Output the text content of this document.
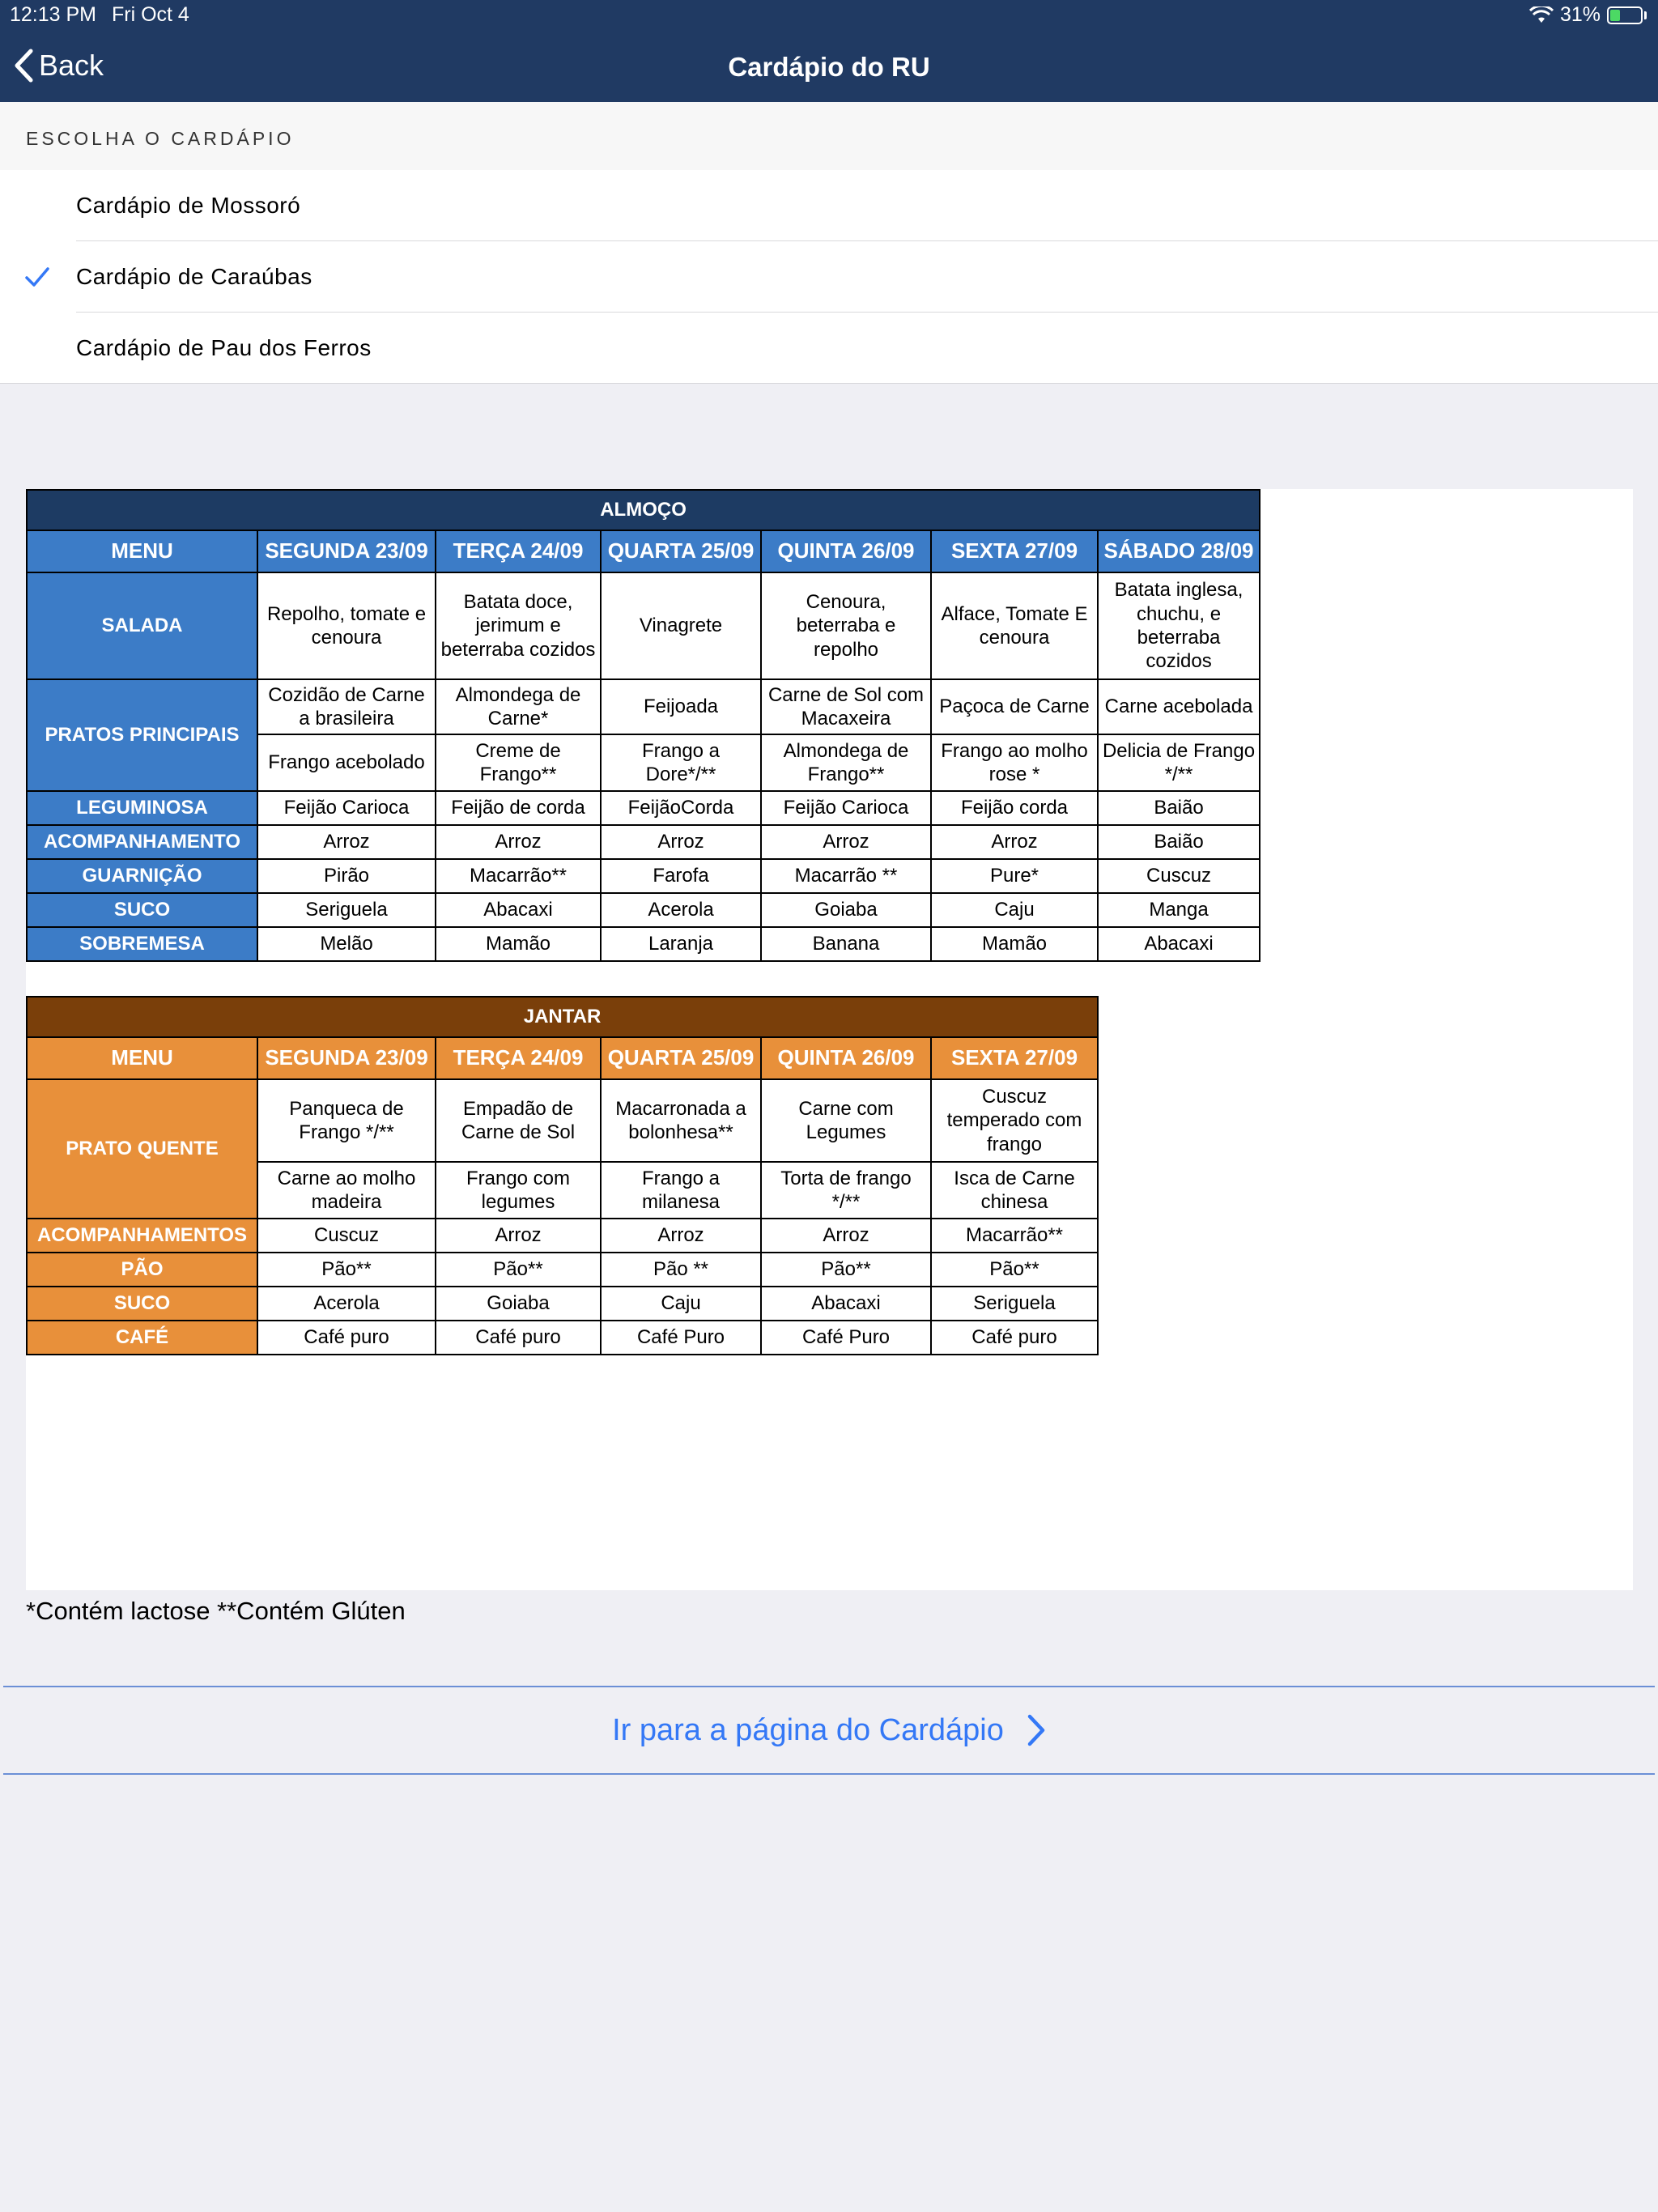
12:13 PM Fri Oct 4	31%
Back	Cardápio do RU
ESCOLHA O CARDÁPIO
Cardápio de Mossoró
Cardápio de Caraúbas
Cardápio de Pau dos Ferros
ALMOÇO						
MENU	SEGUNDA 23/09	TERÇA 24/09	QUARTA 25/09	QUINTA 26/09	SEXTA 27/09	SÁBADO 28/09
SALADA	Repolho, tomate e cenoura	Batata doce, jerimum e beterraba cozidos	Vinagrete	Cenoura, beterraba e repolho	Alface, Tomate E cenoura	Batata inglesa, chuchu, e beterraba cozidos
PRATOS PRINCIPAIS	Cozidão de Carne a brasileira	Almondega de Carne*	Feijoada	Carne de Sol com Macaxeira	Paçoca de Carne	Carne acebolada
	Frango acebolado	Creme de Frango**	Frango a Dore*/**	Almondega de Frango**	Frango ao molho rose *	Delicia de Frango */**
LEGUMINOSA	Feijão Carioca	Feijão de corda	FeijãoCorda	Feijão Carioca	Feijão corda	Baião
ACOMPANHAMENTO	Arroz	Arroz	Arroz	Arroz	Arroz	Baião
GUARNIÇÃO	Pirão	Macarrão**	Farofa	Macarrão **	Pure*	Cuscuz
SUCO	Seriguela	Abacaxi	Acerola	Goiaba	Caju	Manga
SOBREMESA	Melão	Mamão	Laranja	Banana	Mamão	Abacaxi
JANTAR					
MENU	SEGUNDA 23/09	TERÇA 24/09	QUARTA 25/09	QUINTA 26/09	SEXTA 27/09
PRATO QUENTE	Panqueca de Frango */**	Empadão de Carne de Sol	Macarronada a bolonhesa**	Carne com Legumes	Cuscuz temperado com frango
	Carne ao molho madeira	Frango com legumes	Frango a milanesa	Torta de frango */**	Isca de Carne chinesa
ACOMPANHAMENTOS	Cuscuz	Arroz	Arroz	Arroz	Macarrão**
PÃO	Pão**	Pão**	Pão **	Pão**	Pão**
SUCO	Acerola	Goiaba	Caju	Abacaxi	Seriguela
CAFÉ	Café puro	Café puro	Café Puro	Café Puro	Café puro
*Contém lactose **Contém Glúten
Ir para a página do Cardápio
